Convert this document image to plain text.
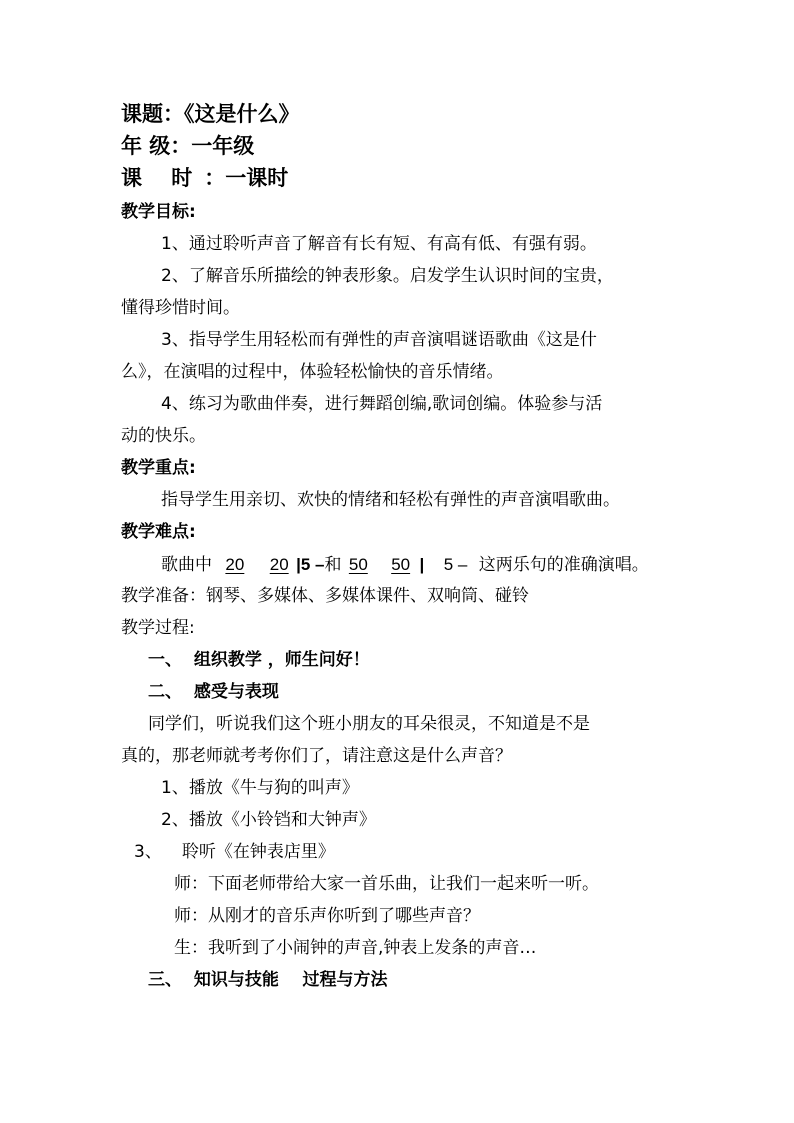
课题：《这是什么》
年 级：一年级
课    时 ：一课时
教学目标:
1、通过聆听声音了解音有长有短、有高有低、有强有弱。
2、了解音乐所描绘的钟表形象。启发学生认识时间的宝贵，
懂得珍惜时间。
3、指导学生用轻松而有弹性的声音演唱谜语歌曲《这是什
么》，在演唱的过程中，体验轻松愉快的音乐情绪。
4、练习为歌曲伴奏，进行舞蹈创编,歌词创编。体验参与活
动的快乐。
教学重点:
指导学生用亲切、欢快的情绪和轻松有弹性的声音演唱歌曲。
教学难点:
歌曲中 20 20 |5 –和 50 50 | 5 – 这两乐句的准确演唱。
教学准备：钢琴、多媒体、多媒体课件、双响筒、碰铃
教学过程:
一、  组织教学 ，师生问好！
二、  感受与表现
同学们，听说我们这个班小朋友的耳朵很灵，不知道是不是
真的，那老师就考考你们了，请注意这是什么声音？
1、播放《牛与狗的叫声》
2、播放《小铃铛和大钟声》
3、 聆听《在钟表店里》
师：下面老师带给大家一首乐曲，让我们一起来听一听。
师：从刚才的音乐声你听到了哪些声音？
生：我听到了小闹钟的声音,钟表上发条的声音…
三、  知识与技能    过程与方法
